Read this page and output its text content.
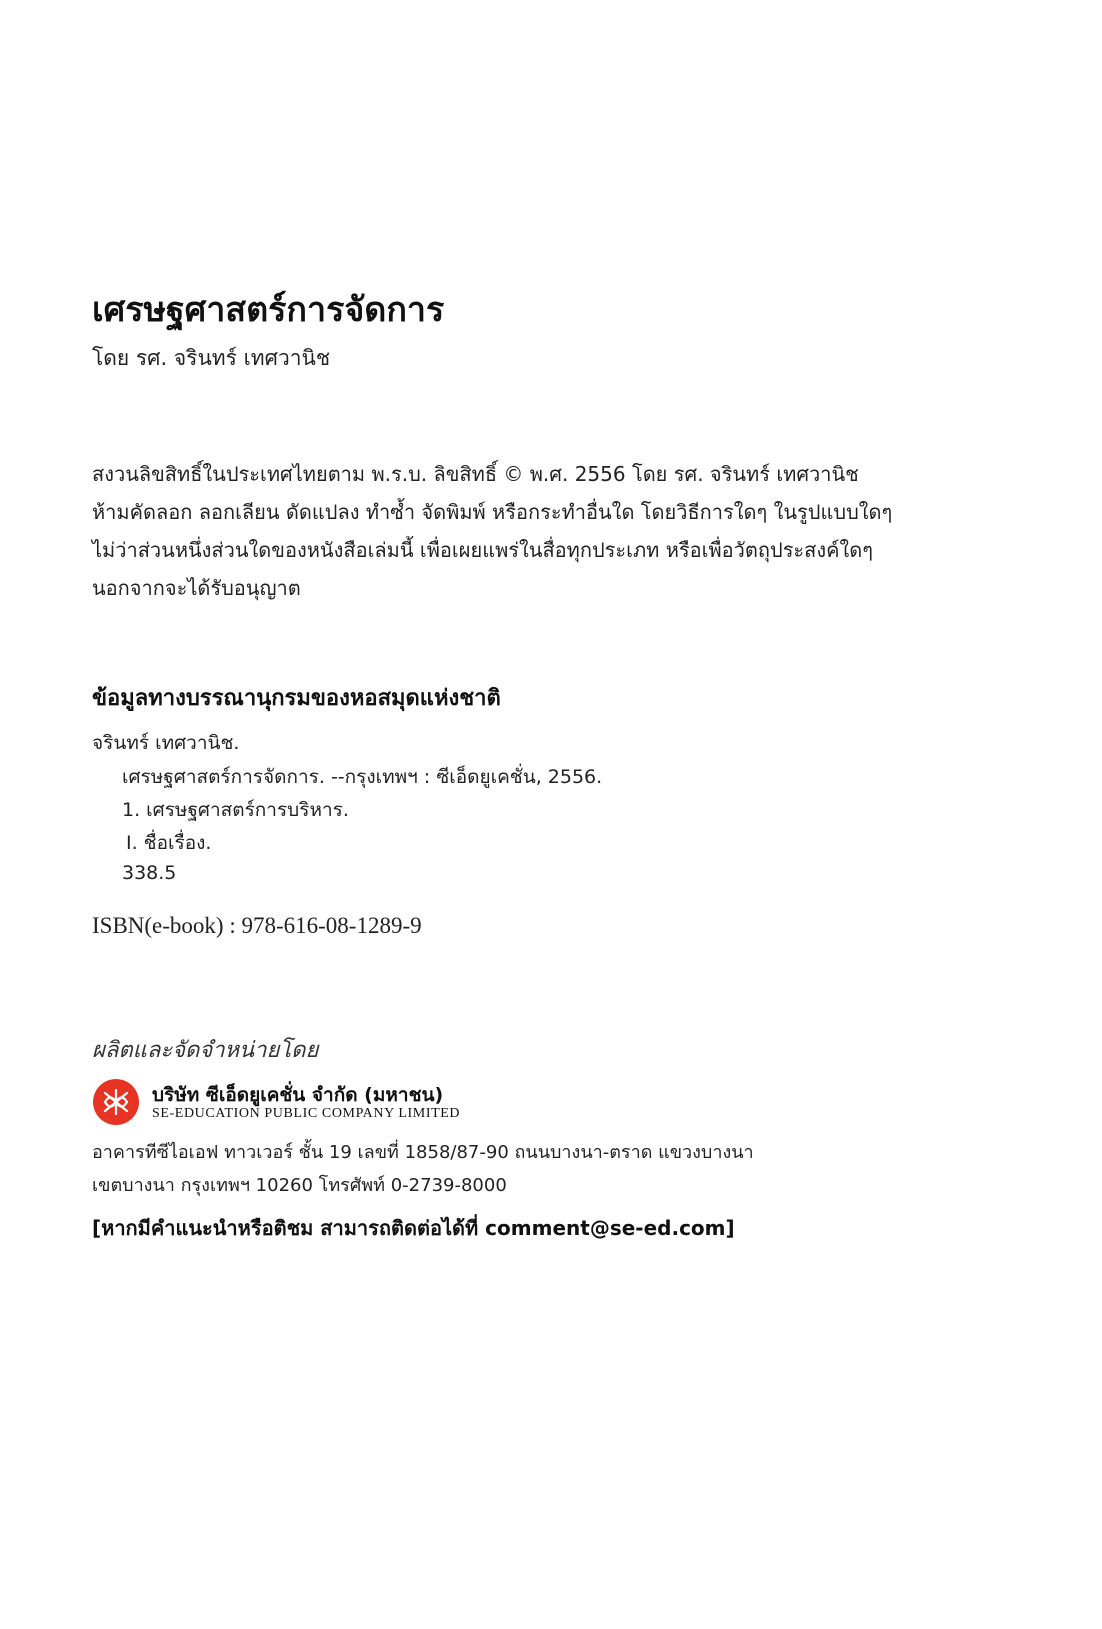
เศรษฐศาสตร์การจัดการ
โดย รศ. จรินทร์ เทศวานิช
สงวนลิขสิทธิ์ในประเทศไทยตาม พ.ร.บ. ลิขสิทธิ์ © พ.ศ. 2556 โดย รศ. จรินทร์ เทศวานิช
ห้ามคัดลอก ลอกเลียน ดัดแปลง ทำซ้ำ จัดพิมพ์ หรือกระทำอื่นใด โดยวิธีการใดๆ ในรูปแบบใดๆ
ไม่ว่าส่วนหนึ่งส่วนใดของหนังสือเล่มนี้ เพื่อเผยแพร่ในสื่อทุกประเภท หรือเพื่อวัตถุประสงค์ใดๆ
นอกจากจะได้รับอนุญาต
ข้อมูลทางบรรณานุกรมของหอสมุดแห่งชาติ
จรินทร์ เทศวานิช.
เศรษฐศาสตร์การจัดการ. --กรุงเทพฯ : ซีเอ็ดยูเคชั่น, 2556.
1. เศรษฐศาสตร์การบริหาร.
I. ชื่อเรื่อง.
338.5
ISBN(e-book) : 978-616-08-1289-9
ผลิตและจัดจำหน่ายโดย
บริษัท ซีเอ็ดยูเคชั่น จำกัด (มหาชน)
SE-EDUCATION PUBLIC COMPANY LIMITED
อาคารทีซีไอเอฟ ทาวเวอร์ ชั้น 19 เลขที่ 1858/87-90 ถนนบางนา-ตราด แขวงบางนา
เขตบางนา กรุงเทพฯ 10260 โทรศัพท์ 0-2739-8000
[หากมีคำแนะนำหรือติชม สามารถติดต่อได้ที่ comment@se-ed.com]
